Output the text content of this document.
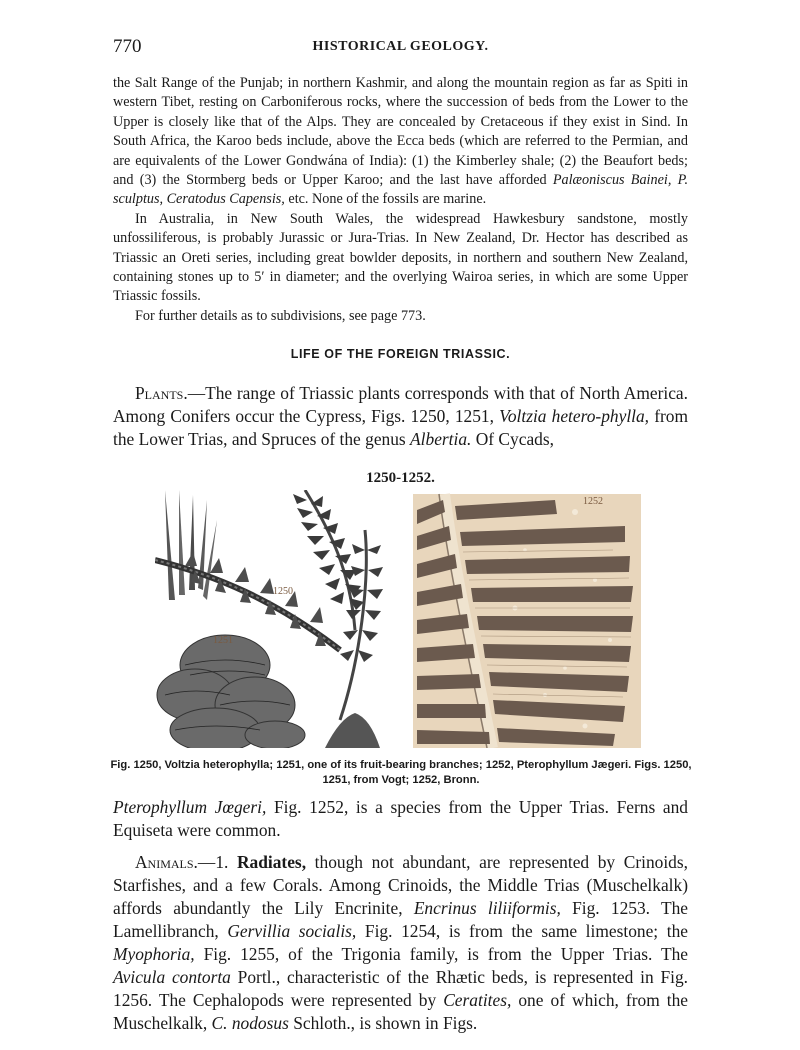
770	HISTORICAL GEOLOGY.

the Salt Range of the Punjab; in northern Kashmir, and along the mountain region as far as Spiti in western Tibet, resting on Carboniferous rocks, where the succession of beds from the Lower to the Upper is closely like that of the Alps. They are concealed by Cretaceous if they exist in Sind. In South Africa, the Karoo beds include, above the Ecca beds (which are referred to the Permian, and are equivalents of the Lower Gondwána of India): (1) the Kimberley shale; (2) the Beaufort beds; and (3) the Stormberg beds or Upper Karoo; and the last have afforded Palæoniscus Bainei, P. sculptus, Ceratodus Capensis, etc. None of the fossils are marine.

In Australia, in New South Wales, the widespread Hawkesbury sandstone, mostly unfossiliferous, is probably Jurassic or Jura-Trias. In New Zealand, Dr. Hector has described as Triassic an Oreti series, including great bowlder deposits, in northern and southern New Zealand, containing stones up to 5′ in diameter; and the overlying Wairoa series, in which are some Upper Triassic fossils.

For further details as to subdivisions, see page 773.

LIFE OF THE FOREIGN TRIASSIC.

Plants.—The range of Triassic plants corresponds with that of North America. Among Conifers occur the Cypress, Figs. 1250, 1251, Voltzia hetero-phylla, from the Lower Trias, and Spruces of the genus Albertia. Of Cycads,

1250-1252.
1250
1251
1252
Fig. 1250, Voltzia heterophylla; 1251, one of its fruit-bearing branches; 1252, Pterophyllum Jægeri. Figs. 1250, 1251, from Vogt; 1252, Bronn.

Pterophyllum Jœgeri, Fig. 1252, is a species from the Upper Trias. Ferns and Equiseta were common.

Animals.—1. Radiates, though not abundant, are represented by Crinoids, Starfishes, and a few Corals. Among Crinoids, the Middle Trias (Muschelkalk) affords abundantly the Lily Encrinite, Encrinus liliiformis, Fig. 1253. The Lamellibranch, Gervillia socialis, Fig. 1254, is from the same limestone; the Myophoria, Fig. 1255, of the Trigonia family, is from the Upper Trias. The Avicula contorta Portl., characteristic of the Rhætic beds, is represented in Fig. 1256. The Cephalopods were represented by Ceratites, one of which, from the Muschelkalk, C. nodosus Schloth., is shown in Figs.
